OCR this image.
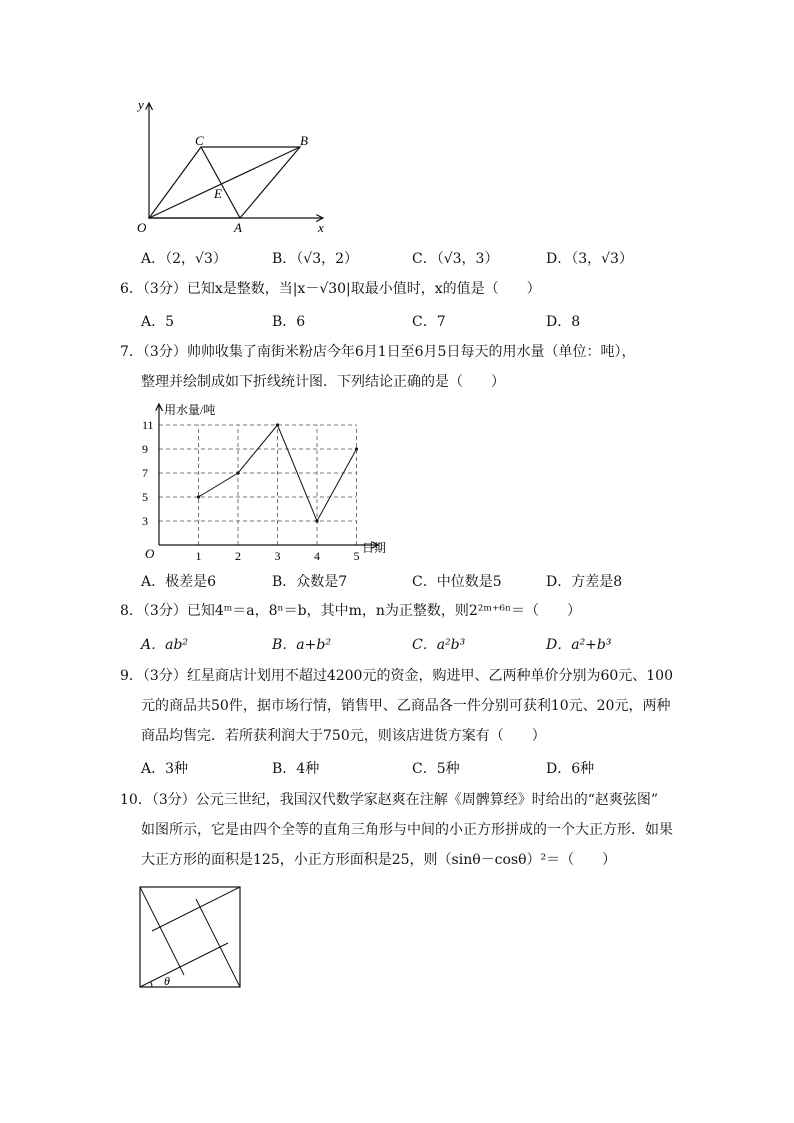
y
x
O	A
B
C
E
A．（2，√3）	B．（√3，2）	C．（√3，3）	D．（3，√3）
6．（3分）已知x是整数，当|x－√30|取最小值时，x的值是（　　）
A．5	B．6	C．7	D．8
7．（3分）帅帅收集了南街米粉店今年6月1日至6月5日每天的用水量（单位：吨），
整理并绘制成如下折线统计图．下列结论正确的是（　　）
3
5
7
9
11
1	2	3	4	5
用水量/吨
日期
O
A．极差是6	B．众数是7	C．中位数是5	D．方差是8
8．（3分）已知4ᵐ＝a，8ⁿ＝b，其中m，n为正整数，则2²ᵐ⁺⁶ⁿ＝（　　）
A．ab²	B．a+b²	C．a²b³	D．a²+b³
9．（3分）红星商店计划用不超过4200元的资金，购进甲、乙两种单价分别为60元、100
元的商品共50件，据市场行情，销售甲、乙商品各一件分别可获利10元、20元，两种
商品均售完．若所获利润大于750元，则该店进货方案有（　　）
A．3种	B．4种	C．5种	D．6种
10．（3分）公元三世纪，我国汉代数学家赵爽在注解《周髀算经》时给出的“赵爽弦图”
如图所示，它是由四个全等的直角三角形与中间的小正方形拼成的一个大正方形．如果
大正方形的面积是125，小正方形面积是25，则（sinθ－cosθ）²＝（　　）
θ
